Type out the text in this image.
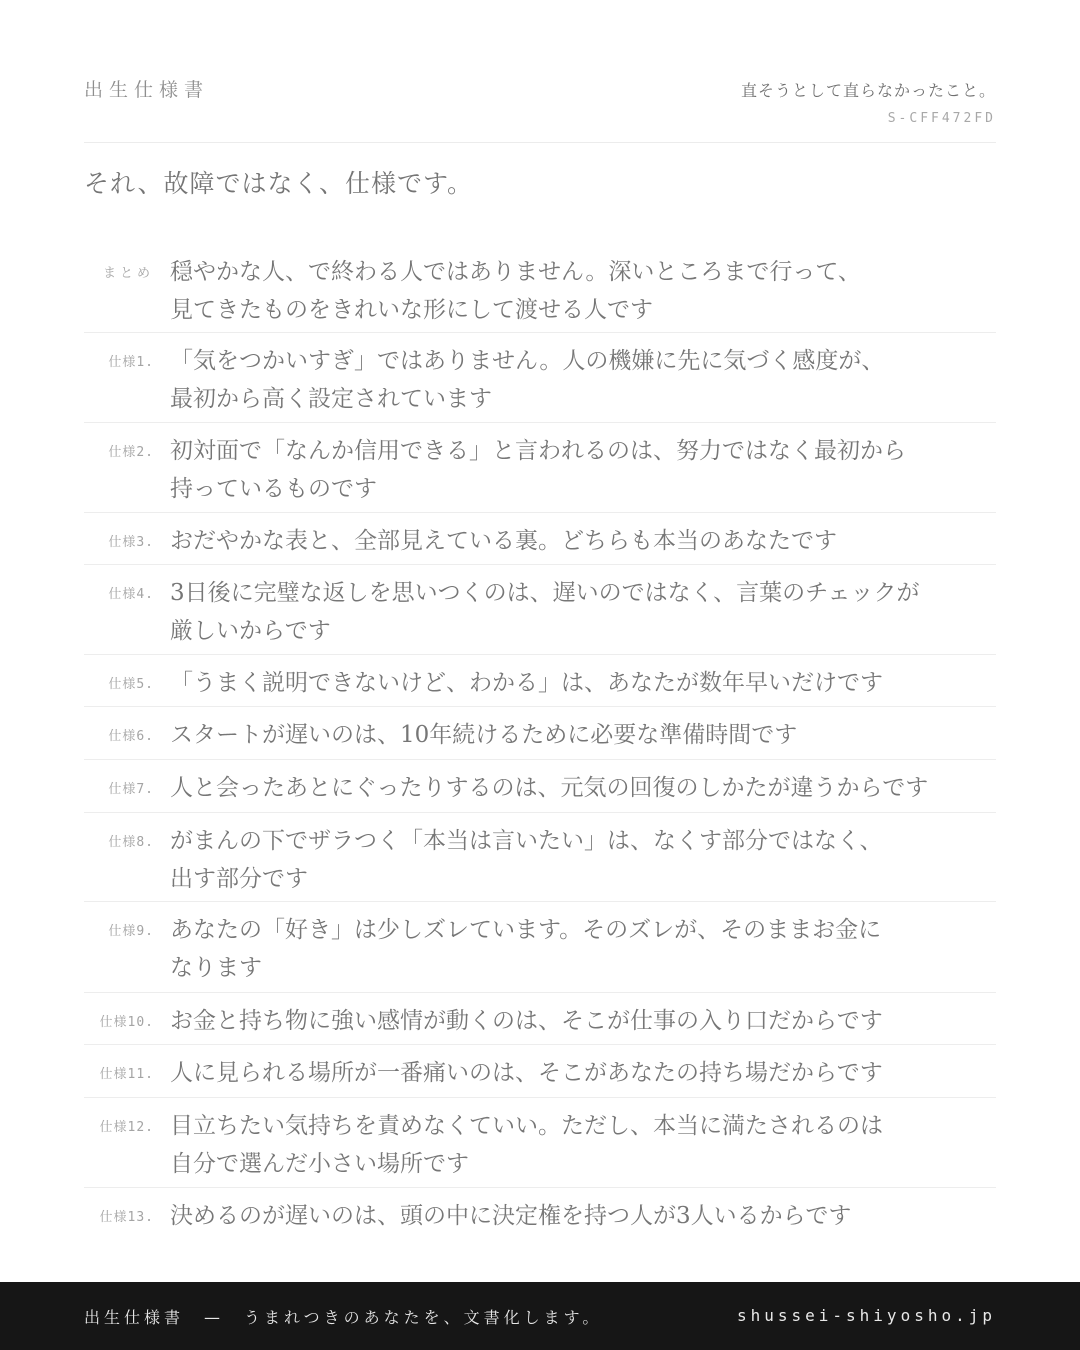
出生仕様書	直そうとして直らなかったこと。
S-CFF472FD
それ、故障ではなく、仕様です。
まとめ 穏やかな人、で終わる人ではありません。深いところまで行って、
見てきたものをきれいな形にして渡せる人です
仕様1. 「気をつかいすぎ」ではありません。人の機嫌に先に気づく感度が、
最初から高く設定されています
仕様2. 初対面で「なんか信用できる」と言われるのは、努力ではなく最初から
持っているものです
仕様3. おだやかな表と、全部見えている裏。どちらも本当のあなたです
仕様4. 3日後に完璧な返しを思いつくのは、遅いのではなく、言葉のチェックが
厳しいからです
仕様5. 「うまく説明できないけど、わかる」は、あなたが数年早いだけです
仕様6. スタートが遅いのは、10年続けるために必要な準備時間です
仕様7. 人と会ったあとにぐったりするのは、元気の回復のしかたが違うからです
仕様8. がまんの下でザラつく「本当は言いたい」は、なくす部分ではなく、
出す部分です
仕様9. あなたの「好き」は少しズレています。そのズレが、そのままお金に
なります
仕様10. お金と持ち物に強い感情が動くのは、そこが仕事の入り口だからです
仕様11. 人に見られる場所が一番痛いのは、そこがあなたの持ち場だからです
仕様12. 目立ちたい気持ちを責めなくていい。ただし、本当に満たされるのは
自分で選んだ小さい場所です
仕様13. 決めるのが遅いのは、頭の中に決定権を持つ人が3人いるからです
出生仕様書　—　うまれつきのあなたを、文書化します。	shussei-shiyosho.jp
